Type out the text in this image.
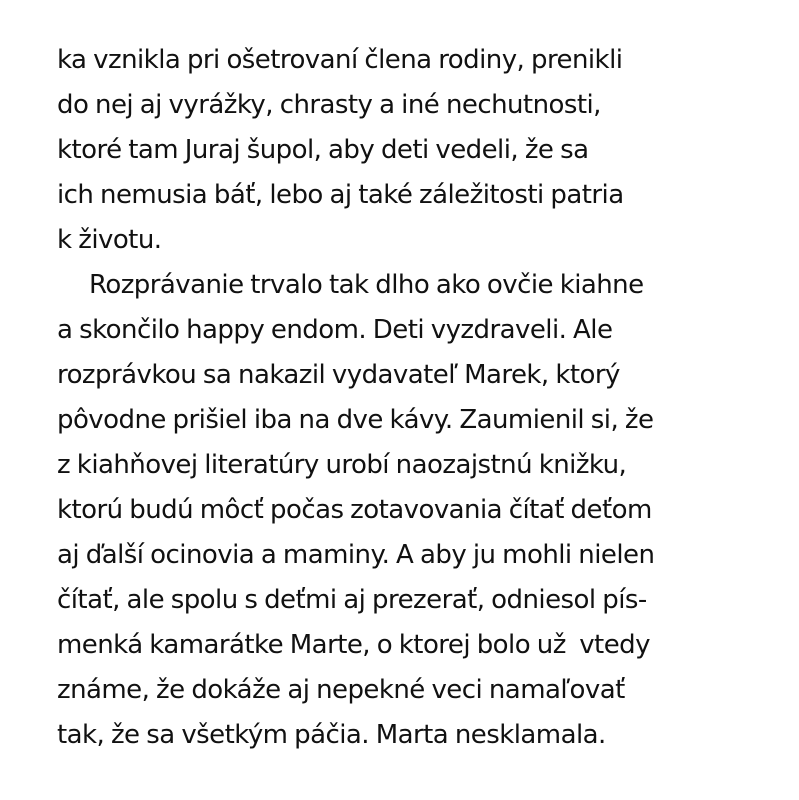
ka vznikla pri ošetrovaní člena rodiny, prenikli
do nej aj vyrážky, chrasty a iné nechutnosti,
ktoré tam Juraj šupol, aby deti vedeli, že sa
ich nemusia báť, lebo aj také záležitosti patria
k životu.
Rozprávanie trvalo tak dlho ako ovčie kiahne
a skončilo happy endom. Deti vyzdraveli. Ale
rozprávkou sa nakazil vydavateľ Marek, ktorý
pôvodne prišiel iba na dve kávy. Zaumienil si, že
z kiahňovej literatúry urobí naozajstnú knižku,
ktorú budú môcť počas zotavovania čítať deťom
aj ďalší ocinovia a maminy. A aby ju mohli nielen
čítať, ale spolu s deťmi aj prezerať, odniesol pís-
menká kamarátke Marte, o ktorej bolo už  vtedy
známe, že dokáže aj nepekné veci namaľovať
tak, že sa všetkým páčia. Marta nesklamala.
